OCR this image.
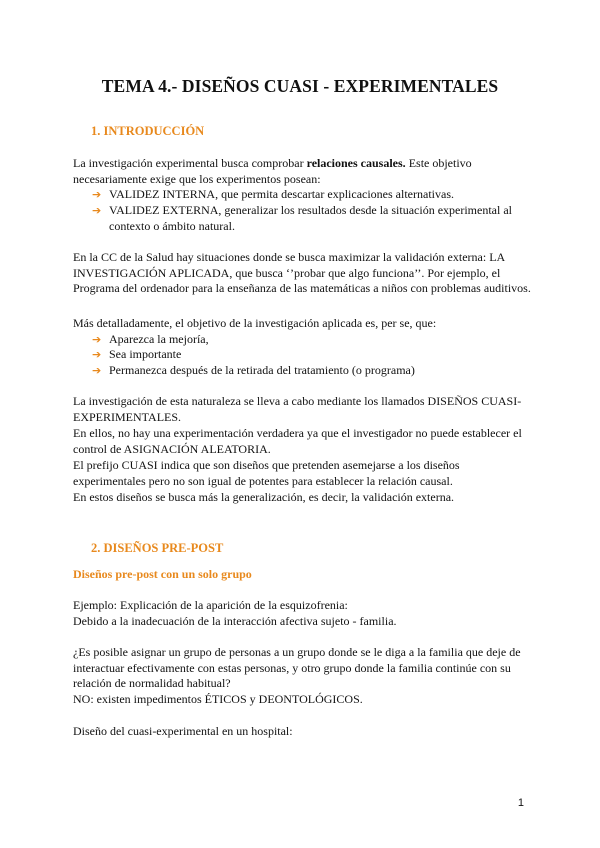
TEMA 4.- DISEÑOS CUASI - EXPERIMENTALES
1. INTRODUCCIÓN

La investigación experimental busca comprobar relaciones causales. Este objetivo necesariamente exige que los experimentos posean:

➔ VALIDEZ INTERNA, que permita descartar explicaciones alternativas.
➔ VALIDEZ EXTERNA, generalizar los resultados desde la situación experimental al contexto o ámbito natural.

En la CC de la Salud hay situaciones donde se busca maximizar la validación externa: LA INVESTIGACIÓN APLICADA, que busca ‘’probar que algo funciona’’. Por ejemplo, el Programa del ordenador para la enseñanza de las matemáticas a niños con problemas auditivos.

Más detalladamente, el objetivo de la investigación aplicada es, per se, que:

➔ Aparezca la mejoría,
➔ Sea importante
➔ Permanezca después de la retirada del tratamiento (o programa)

La investigación de esta naturaleza se lleva a cabo mediante los llamados DISEÑOS CUASI-EXPERIMENTALES.

En ellos, no hay una experimentación verdadera ya que el investigador no puede establecer el control de ASIGNACIÓN ALEATORIA.

El prefijo CUASI indica que son diseños que pretenden asemejarse a los diseños experimentales pero no son igual de potentes para establecer la relación causal.

En estos diseños se busca más la generalización, es decir, la validación externa.

2. DISEÑOS PRE-POST
Diseños pre-post con un solo grupo

Ejemplo: Explicación de la aparición de la esquizofrenia:

Debido a la inadecuación de la interacción afectiva sujeto - familia.

¿Es posible asignar un grupo de personas a un grupo donde se le diga a la familia que deje de interactuar efectivamente con estas personas, y otro grupo donde la familia continúe con su relación de normalidad habitual?

NO: existen impedimentos ÉTICOS y DEONTOLÓGICOS.

Diseño del cuasi-experimental en un hospital:

1
